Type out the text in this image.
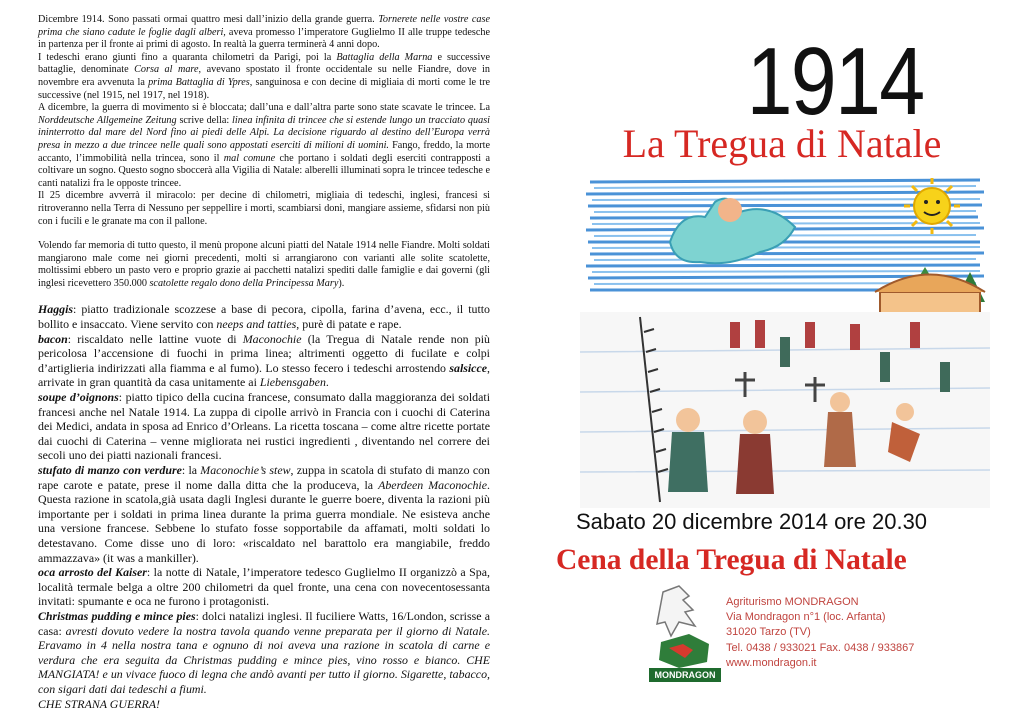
Dicembre 1914. Sono passati ormai quattro mesi dall’inizio della grande guerra. Tornerete nelle vostre case prima che siano cadute le foglie dagli alberi, aveva promesso l’imperatore Guglielmo II alle truppe tedesche in partenza per il fronte ai primi di agosto. In realtà la guerra terminerà 4 anni dopo.

I tedeschi erano giunti fino a quaranta chilometri da Parigi, poi la Battaglia della Marna e successive battaglie, denominate Corsa al mare, avevano spostato il fronte occidentale su nelle Fiandre, dove in novembre era avvenuta la prima Battaglia di Ypres, sanguinosa e con decine di migliaia di morti come le tre successive (nel 1915, nel 1917, nel 1918).

A dicembre, la guerra di movimento si è bloccata; dall’una e dall’altra parte sono state scavate le trincee. La Norddeutsche Allgemeine Zeitung scrive della: linea infinita di trincee che si estende lungo un tracciato quasi ininterrotto dal mare del Nord fino ai piedi delle Alpi. La decisione riguardo al destino dell’Europa verrà presa in mezzo a due trincee nelle quali sono appostati eserciti di milioni di uomini. Fango, freddo, la morte accanto, l’immobilità nella trincea, sono il mal comune che portano i soldati degli eserciti contrapposti a coltivare un sogno. Questo sogno sboccerà alla Vigilia di Natale: alberelli illuminati sopra le trincee tedesche e canti natalizi fra le opposte trincee.

Il 25 dicembre avverrà il miracolo: per decine di chilometri, migliaia di tedeschi, inglesi, francesi si ritroveranno nella Terra di Nessuno per seppellire i morti, scambiarsi doni, mangiare assieme, sfidarsi non più con i fucili e le granate ma con il pallone.

Volendo far memoria di tutto questo, il menù propone alcuni piatti del Natale 1914 nelle Fiandre. Molti soldati mangiarono male come nei giorni precedenti, molti si arrangiarono con varianti alle solite scatolette, moltissimi ebbero un pasto vero e proprio grazie ai pacchetti natalizi spediti dalle famiglie e dai governi (gli inglesi ricevettero 350.000 scatolette regalo dono della Principessa Mary).

Haggis: piatto tradizionale scozzese a base di pecora, cipolla, farina d’avena, ecc., il tutto bollito e insaccato. Viene servito con neeps and tatties, purè di patate e rape.

bacon: riscaldato nelle lattine vuote di Maconochie (la Tregua di Natale rende non più pericolosa l’accensione di fuochi in prima linea; altrimenti oggetto di fucilate e colpi d’artiglieria indirizzati alla fiamma e al fumo). Lo stesso fecero i tedeschi arrostendo salsicce, arrivate in gran quantità da casa unitamente ai Liebensgaben.

soupe d’oignons: piatto tipico della cucina francese, consumato dalla maggioranza dei soldati francesi anche nel Natale 1914. La zuppa di cipolle arrivò in Francia con i cuochi di Caterina dei Medici, andata in sposa ad Enrico d’Orleans. La ricetta toscana – come altre ricette portate dai cuochi di Caterina – venne migliorata nei rustici ingredienti , diventando nel correre dei secoli uno dei piatti nazionali francesi.

stufato di manzo con verdure: la Maconochie’s stew, zuppa in scatola di stufato di manzo con rape carote e patate, prese il nome dalla ditta che la produceva, la Aberdeen Maconochie. Questa razione in scatola,già usata dagli Inglesi durante le guerre boere, diventa la razioni più importante per i soldati in prima linea durante la prima guerra mondiale. Ne esisteva anche una versione francese. Sebbene lo stufato fosse sopportabile da affamati, molti soldati lo detestavano. Come disse uno di loro: «riscaldato nel barattolo era mangiabile, freddo ammazzava» (it was a mankiller).

oca arrosto del Kaiser: la notte di Natale, l’imperatore tedesco Guglielmo II organizzò a Spa, località termale belga a oltre 200 chilometri da quel fronte, una cena con novecentosessanta invitati: spumante e oca ne furono i protagonisti.

Christmas pudding e mince pies: dolci natalizi inglesi. Il fuciliere Watts, 16/London, scrisse a casa: avresti dovuto vedere la nostra tavola quando venne preparata per il giorno di Natale. Eravamo in 4 nella nostra tana e ognuno di noi aveva una razione in scatola di carne e verdura che era seguita da Christmas pudding e mince pies, vino rosso e bianco. CHE MANGIATA! e un vivace fuoco di legna che andò avanti per tutto il giorno. Sigarette, tabacco, con sigari dati dai tedeschi a fiumi.

CHE STRANA GUERRA!

1914
La Tregua di Natale
Sabato 20 dicembre 2014 ore 20.30
Cena della Tregua di Natale
MONDRAGON
Agriturismo MONDRAGON
Via Mondragon n°1 (loc. Arfanta)
31020 Tarzo (TV)
Tel. 0438 / 933021 Fax. 0438 / 933867
www.mondragon.it
